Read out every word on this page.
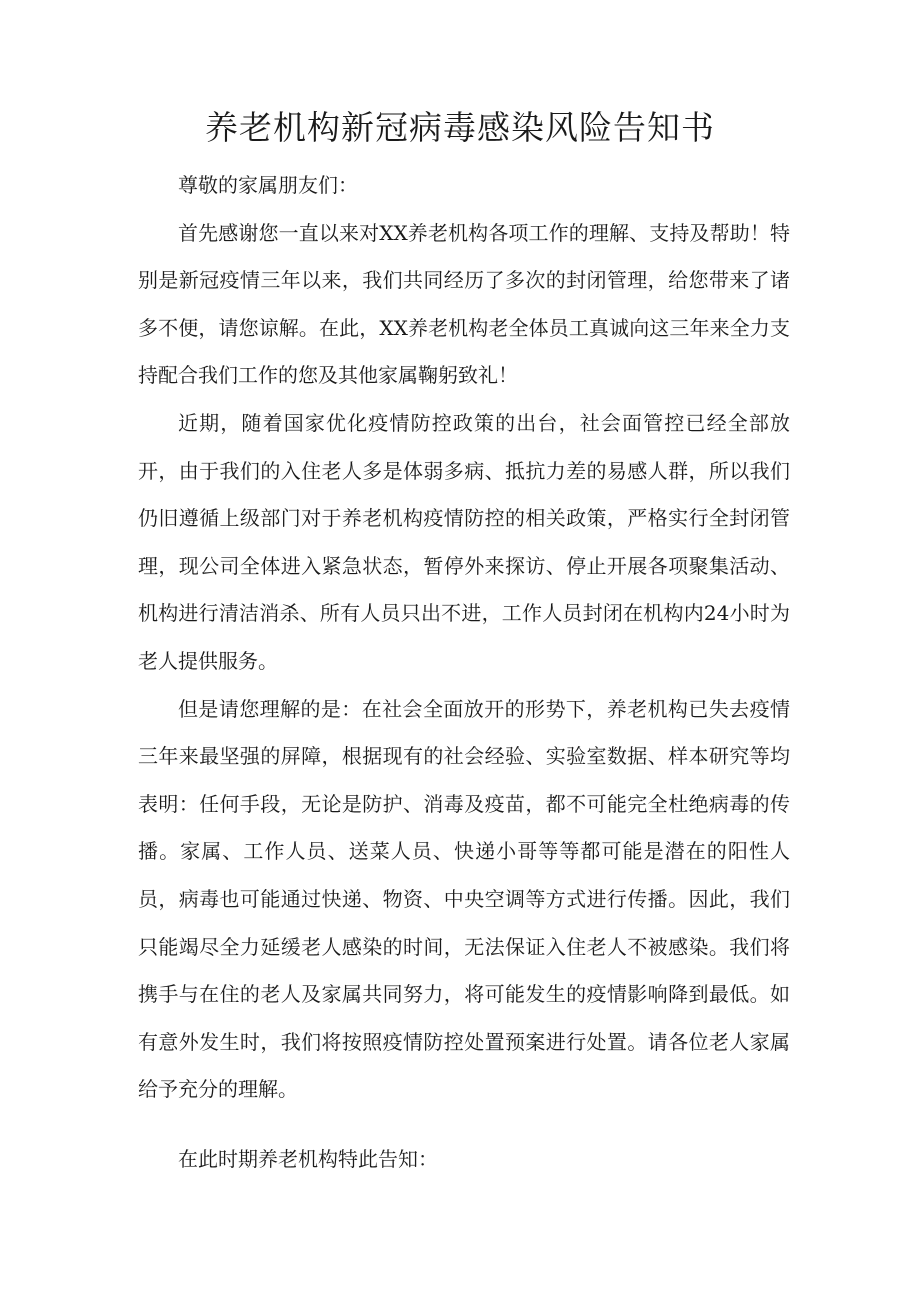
养老机构新冠病毒感染风险告知书

尊敬的家属朋友们：

首先感谢您一直以来对XX养老机构各项工作的理解、支持及帮助！特别是新冠疫情三年以来，我们共同经历了多次的封闭管理，给您带来了诸多不便，请您谅解。在此，XX养老机构老全体员工真诚向这三年来全力支持配合我们工作的您及其他家属鞠躬致礼！

近期，随着国家优化疫情防控政策的出台，社会面管控已经全部放开，由于我们的入住老人多是体弱多病、抵抗力差的易感人群，所以我们仍旧遵循上级部门对于养老机构疫情防控的相关政策，严格实行全封闭管理，现公司全体进入紧急状态，暂停外来探访、停止开展各项聚集活动、机构进行清洁消杀、所有人员只出不进，工作人员封闭在机构内24小时为老人提供服务。

但是请您理解的是：在社会全面放开的形势下，养老机构已失去疫情三年来最坚强的屏障，根据现有的社会经验、实验室数据、样本研究等均表明：任何手段，无论是防护、消毒及疫苗，都不可能完全杜绝病毒的传播。家属、工作人员、送菜人员、快递小哥等等都可能是潜在的阳性人员，病毒也可能通过快递、物资、中央空调等方式进行传播。因此，我们只能竭尽全力延缓老人感染的时间，无法保证入住老人不被感染。我们将携手与在住的老人及家属共同努力，将可能发生的疫情影响降到最低。如有意外发生时，我们将按照疫情防控处置预案进行处置。请各位老人家属给予充分的理解。

在此时期养老机构特此告知：
